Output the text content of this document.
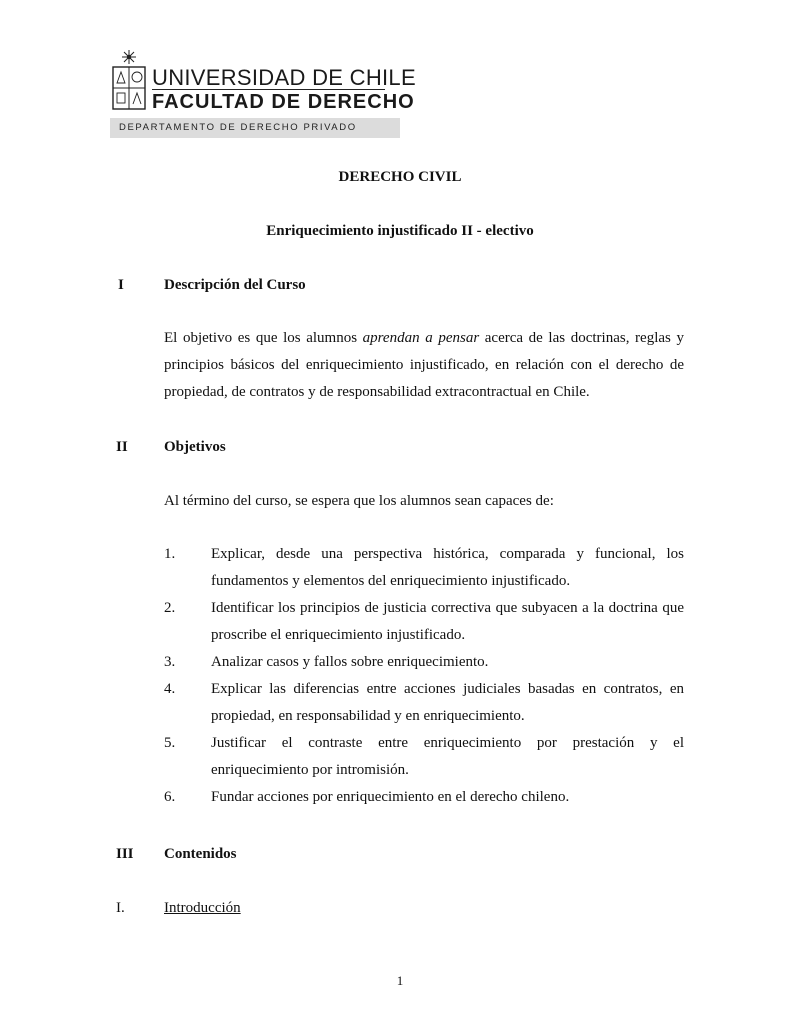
UNIVERSIDAD DE CHILE
FACULTAD DE DERECHO
DEPARTAMENTO DE DERECHO PRIVADO
DERECHO CIVIL
Enriquecimiento injustificado II - electivo
I	Descripción del Curso
El objetivo es que los alumnos aprendan a pensar acerca de las doctrinas, reglas y principios básicos del enriquecimiento injustificado, en relación con el derecho de propiedad, de contratos y de responsabilidad extracontractual en Chile.
II Objetivos
Al término del curso, se espera que los alumnos sean capaces de:
1. Explicar, desde una perspectiva histórica, comparada y funcional, los fundamentos y elementos del enriquecimiento injustificado.
2. Identificar los principios de justicia correctiva que subyacen a la doctrina que proscribe el enriquecimiento injustificado.
3. Analizar casos y fallos sobre enriquecimiento.
4. Explicar las diferencias entre acciones judiciales basadas en contratos, en propiedad, en responsabilidad y en enriquecimiento.
5. Justificar el contraste entre enriquecimiento por prestación y el enriquecimiento por intromisión.
6. Fundar acciones por enriquecimiento en el derecho chileno.
III Contenidos
I.	Introducción
1
